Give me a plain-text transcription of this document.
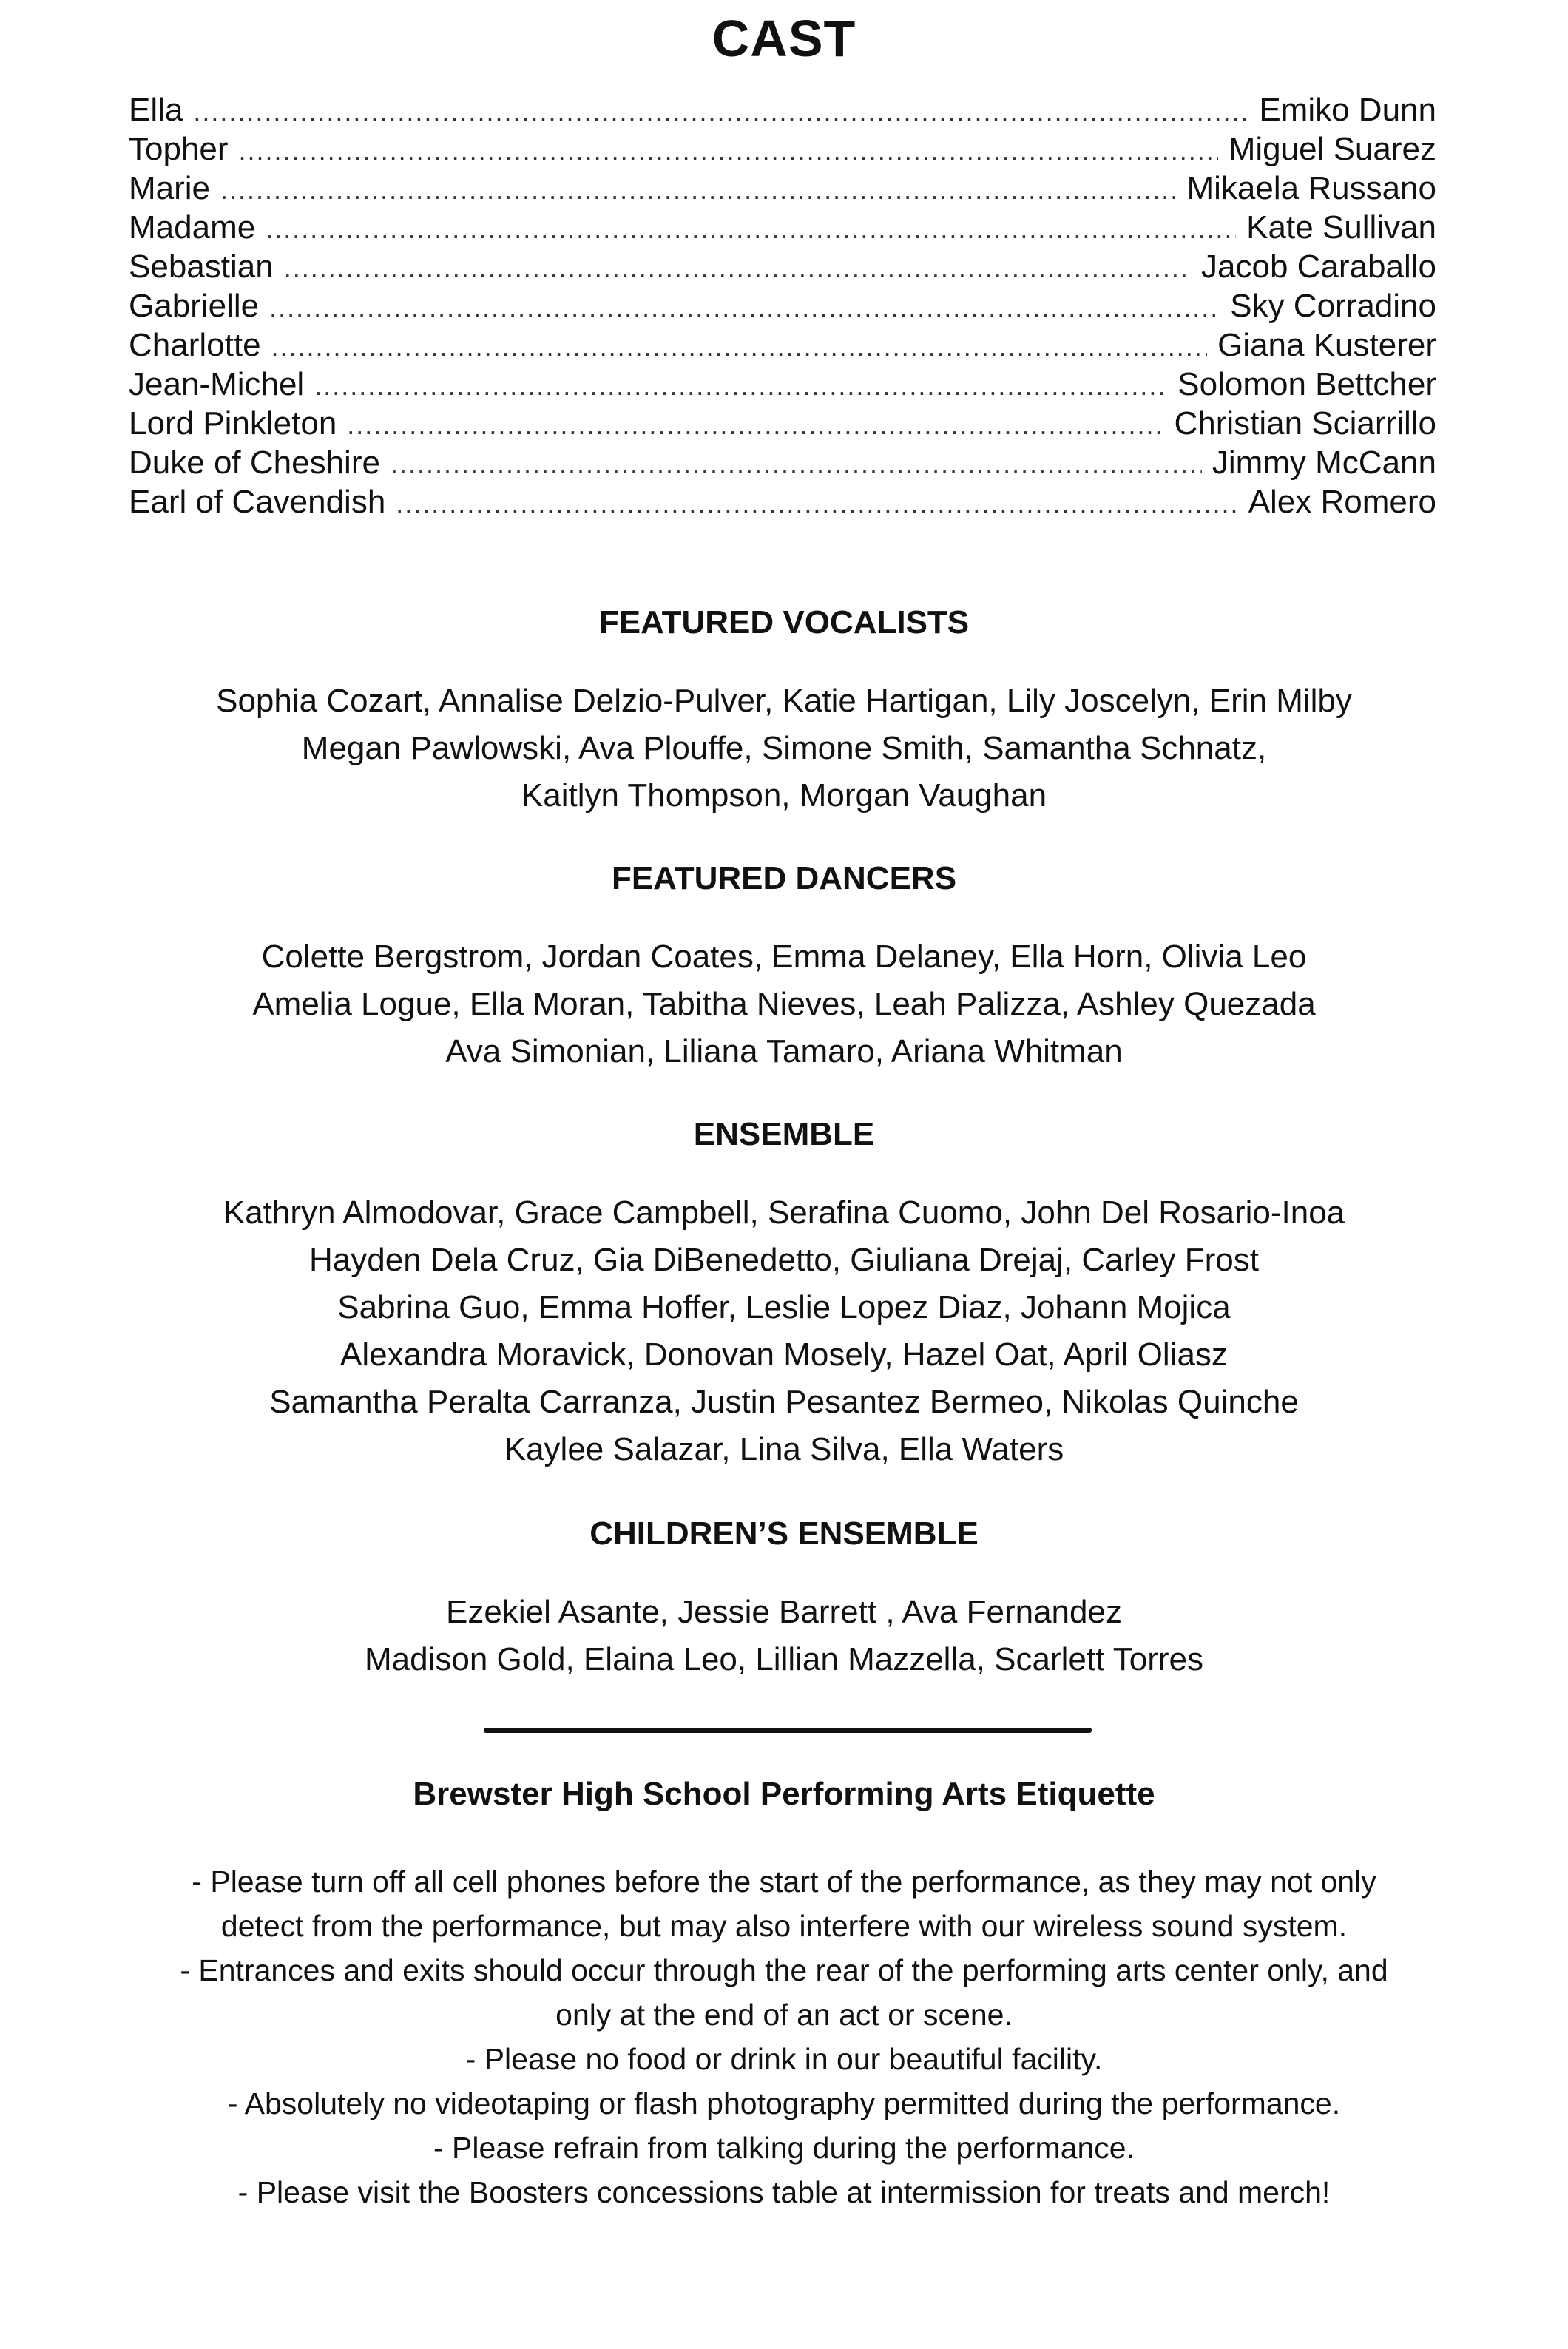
CAST
Ella .....	Emiko Dunn
Topher .....	Miguel Suarez
Marie .....	Mikaela Russano
Madame .....	Kate Sullivan
Sebastian .....	Jacob Caraballo
Gabrielle .....	Sky Corradino
Charlotte .....	Giana Kusterer
Jean-Michel .....	Solomon Bettcher
Lord Pinkleton .....	Christian Sciarrillo
Duke of Cheshire .....	Jimmy McCann
Earl of Cavendish .....	Alex Romero
FEATURED VOCALISTS
Sophia Cozart, Annalise Delzio-Pulver, Katie Hartigan, Lily Joscelyn, Erin Milby
Megan Pawlowski, Ava Plouffe, Simone Smith, Samantha Schnatz,
Kaitlyn Thompson, Morgan Vaughan
FEATURED DANCERS
Colette Bergstrom, Jordan Coates, Emma Delaney, Ella Horn, Olivia Leo
Amelia Logue, Ella Moran, Tabitha Nieves, Leah Palizza, Ashley Quezada
Ava Simonian, Liliana Tamaro, Ariana Whitman
ENSEMBLE
Kathryn Almodovar, Grace Campbell, Serafina Cuomo, John Del Rosario-Inoa
Hayden Dela Cruz, Gia DiBenedetto, Giuliana Drejaj, Carley Frost
Sabrina Guo, Emma Hoffer, Leslie Lopez Diaz, Johann Mojica
Alexandra Moravick, Donovan Mosely, Hazel Oat, April Oliasz
Samantha Peralta Carranza, Justin Pesantez Bermeo, Nikolas Quinche
Kaylee Salazar, Lina Silva, Ella Waters
CHILDREN’S ENSEMBLE
Ezekiel Asante, Jessie Barrett , Ava Fernandez
Madison Gold, Elaina Leo, Lillian Mazzella, Scarlett Torres
Brewster High School Performing Arts Etiquette
- Please turn off all cell phones before the start of the performance, as they may not only
detect from the performance, but may also interfere with our wireless sound system.
- Entrances and exits should occur through the rear of the performing arts center only, and
only at the end of an act or scene.
- Please no food or drink in our beautiful facility.
- Absolutely no videotaping or flash photography permitted during the performance.
- Please refrain from talking during the performance.
- Please visit the Boosters concessions table at intermission for treats and merch!
